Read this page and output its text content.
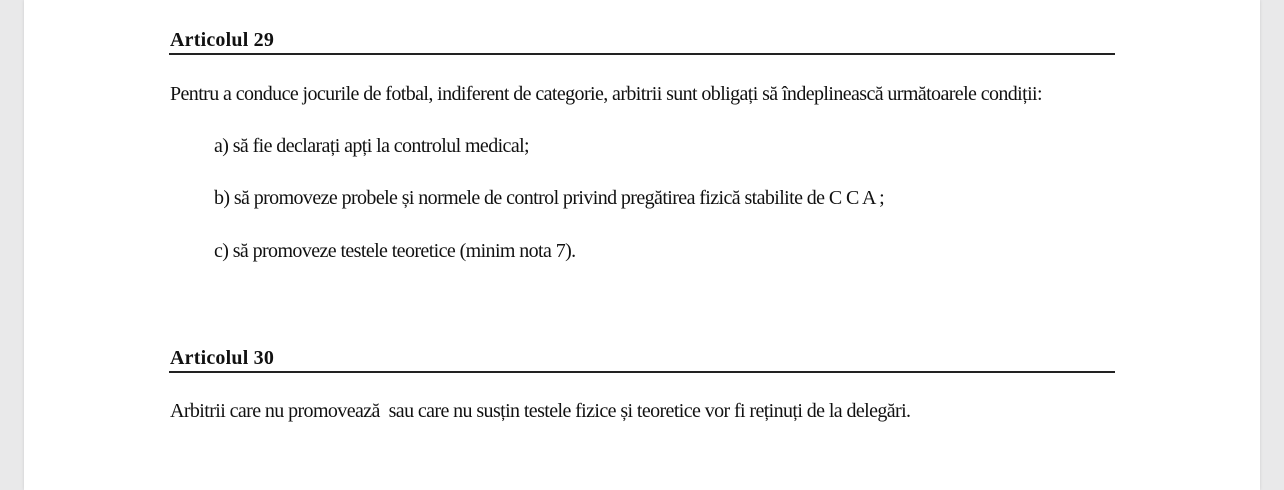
Articolul 29
Pentru a conduce jocurile de fotbal, indiferent de categorie, arbitrii sunt obligați să îndeplinească următoarele condiții:
a) să fie declarați apți la controlul medical;
b) să promoveze probele și normele de control privind pregătirea fizică stabilite de C C A ;
c) să promoveze testele teoretice (minim nota 7).
Articolul 30
Arbitrii care nu promovează  sau care nu susțin testele fizice și teoretice vor fi reținuți de la delegări.
